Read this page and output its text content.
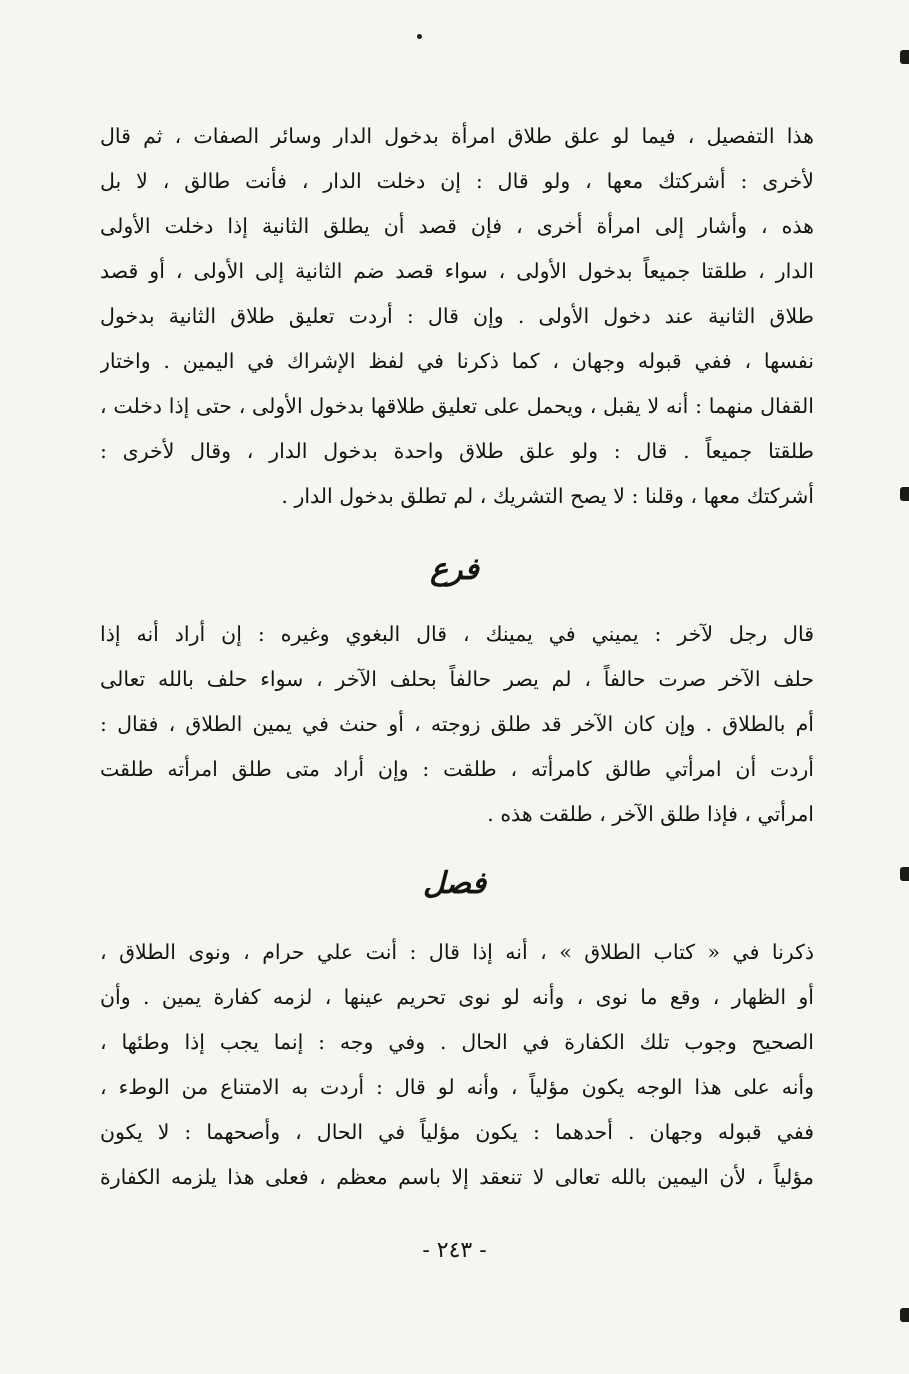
هذا التفصيل ، فيما لو علق طلاق امرأة بدخول الدار وسائر الصفات ، ثم قال
لأخرى : أشركتك معها ، ولو قال : إن دخلت الدار ، فأنت طالق ، لا بل
هذه ، وأشار إلى امرأة أخرى ، فإن قصد أن يطلق الثانية إذا دخلت الأولى
الدار ، طلقتا جميعاً بدخول الأولى ، سواء قصد ضم الثانية إلى الأولى ، أو قصد
طلاق الثانية عند دخول الأولى . وإن قال : أردت تعليق طلاق الثانية بدخول
نفسها ، ففي قبوله وجهان ، كما ذكرنا في لفظ الإشراك في اليمين . واختار
القفال منهما : أنه لا يقبل ، ويحمل على تعليق طلاقها بدخول الأولى ، حتى إذا دخلت ،
طلقتا جميعاً . قال : ولو علق طلاق واحدة بدخول الدار ، وقال لأخرى :
أشركتك معها ، وقلنا : لا يصح التشريك ، لم تطلق بدخول الدار .
فرع
قال رجل لآخر : يميني في يمينك ، قال البغوي وغيره : إن أراد أنه إذا
حلف الآخر صرت حالفاً ، لم يصر حالفاً بحلف الآخر ، سواء حلف بالله تعالى
أم بالطلاق . وإن كان الآخر قد طلق زوجته ، أو حنث في يمين الطلاق ، فقال :
أردت أن امرأتي طالق كامرأته ، طلقت : وإن أراد متى طلق امرأته طلقت
امرأتي ، فإذا طلق الآخر ، طلقت هذه .
فصل
ذكرنا في « كتاب الطلاق » ، أنه إذا قال : أنت علي حرام ، ونوى الطلاق ،
أو الظهار ، وقع ما نوى ، وأنه لو نوى تحريم عينها ، لزمه كفارة يمين . وأن
الصحيح وجوب تلك الكفارة في الحال . وفي وجه : إنما يجب إذا وطئها ،
وأنه على هذا الوجه يكون مؤلياً ، وأنه لو قال : أردت به الامتناع من الوطء ،
ففي قبوله وجهان . أحدهما : يكون مؤلياً في الحال ، وأصحهما : لا يكون
مؤلياً ، لأن اليمين بالله تعالى لا تنعقد إلا باسم معظم ، فعلى هذا يلزمه الكفارة
- ٢٤٣ -
